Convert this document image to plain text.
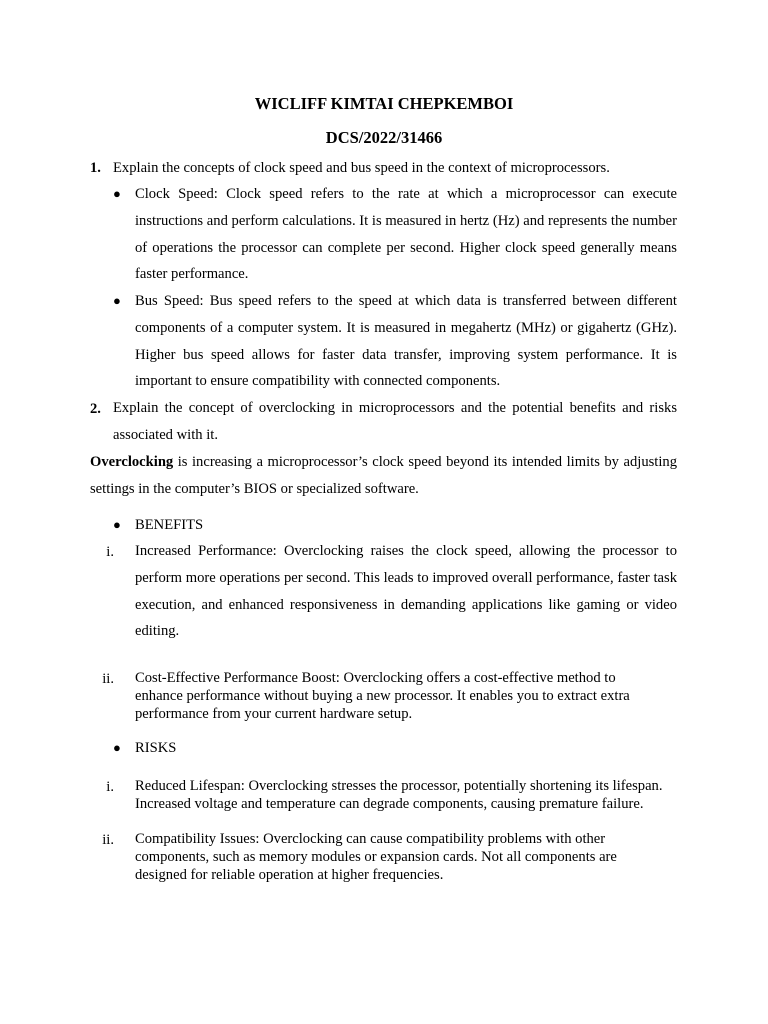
WICLIFF KIMTAI CHEPKEMBOI
DCS/2022/31466
1. Explain the concepts of clock speed and bus speed in the context of microprocessors.
● Clock Speed: Clock speed refers to the rate at which a microprocessor can execute instructions and perform calculations. It is measured in hertz (Hz) and represents the number of operations the processor can complete per second. Higher clock speed generally means faster performance.
● Bus Speed: Bus speed refers to the speed at which data is transferred between different components of a computer system. It is measured in megahertz (MHz) or gigahertz (GHz). Higher bus speed allows for faster data transfer, improving system performance. It is important to ensure compatibility with connected components.
2. Explain the concept of overclocking in microprocessors and the potential benefits and risks associated with it.
Overclocking is increasing a microprocessor’s clock speed beyond its intended limits by adjusting settings in the computer’s BIOS or specialized software.
● BENEFITS
i. Increased Performance: Overclocking raises the clock speed, allowing the processor to perform more operations per second. This leads to improved overall performance, faster task execution, and enhanced responsiveness in demanding applications like gaming or video editing.
ii. Cost-Effective Performance Boost: Overclocking offers a cost-effective method to enhance performance without buying a new processor. It enables you to extract extra performance from your current hardware setup.
● RISKS
i. Reduced Lifespan: Overclocking stresses the processor, potentially shortening its lifespan. Increased voltage and temperature can degrade components, causing premature failure.
ii. Compatibility Issues: Overclocking can cause compatibility problems with other components, such as memory modules or expansion cards. Not all components are designed for reliable operation at higher frequencies.
